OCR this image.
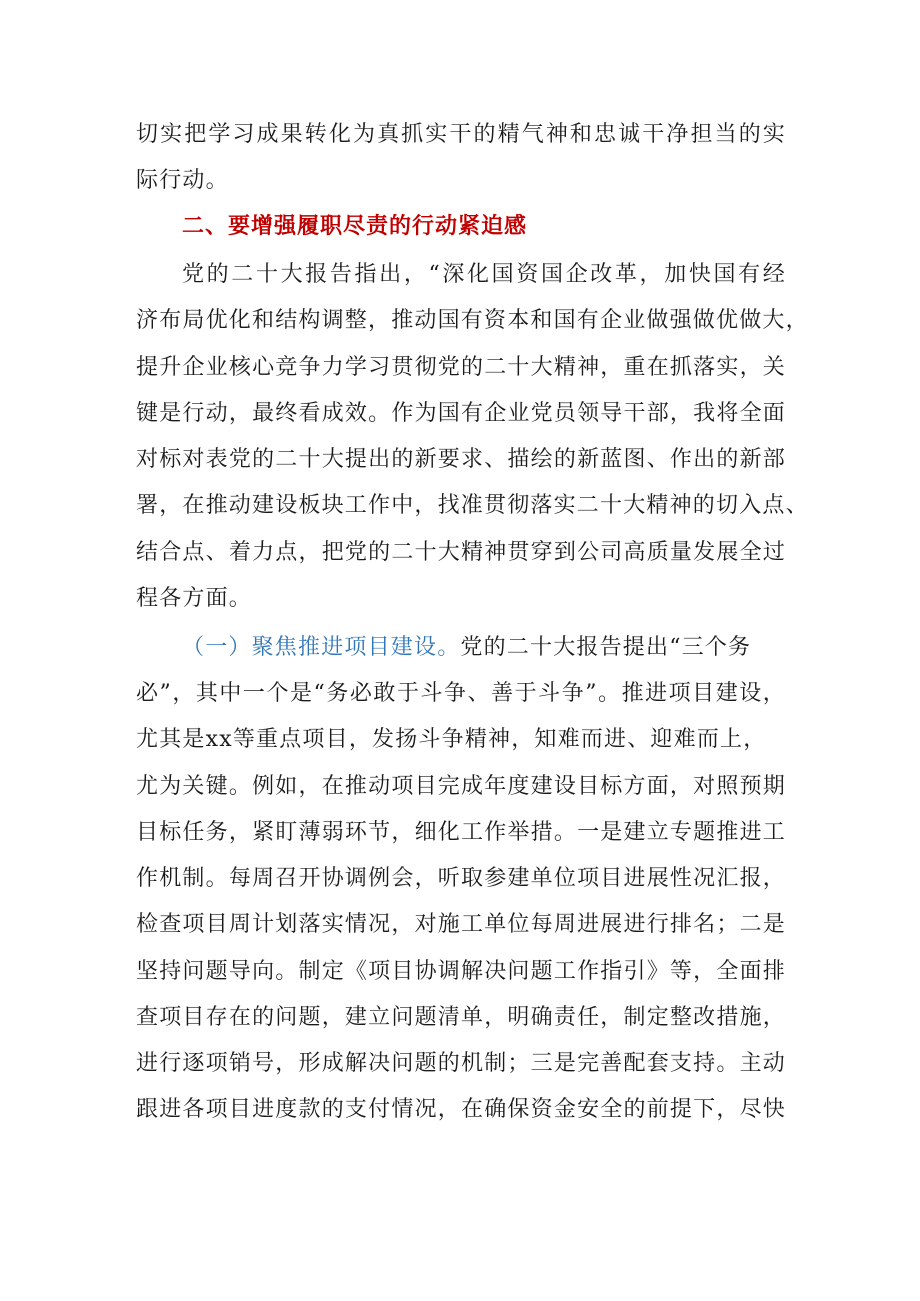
切实把学习成果转化为真抓实干的精气神和忠诚干净担当的实
际行动。
二、要增强履职尽责的行动紧迫感
党的二十大报告指出，“深化国资国企改革，加快国有经
济布局优化和结构调整，推动国有资本和国有企业做强做优做大，
提升企业核心竞争力学习贯彻党的二十大精神，重在抓落实，关
键是行动，最终看成效。作为国有企业党员领导干部，我将全面
对标对表党的二十大提出的新要求、描绘的新蓝图、作出的新部
署，在推动建设板块工作中，找准贯彻落实二十大精神的切入点、
结合点、着力点，把党的二十大精神贯穿到公司高质量发展全过
程各方面。
（一）聚焦推进项目建设。党的二十大报告提出“三个务
必”，其中一个是“务必敢于斗争、善于斗争”。推进项目建设，
尤其是xx等重点项目，发扬斗争精神，知难而进、迎难而上，
尤为关键。例如，在推动项目完成年度建设目标方面，对照预期
目标任务，紧盯薄弱环节，细化工作举措。一是建立专题推进工
作机制。每周召开协调例会，听取参建单位项目进展性况汇报，
检查项目周计划落实情况，对施工单位每周进展进行排名；二是
坚持问题导向。制定《项目协调解决问题工作指引》等，全面排
查项目存在的问题，建立问题清单，明确责任，制定整改措施，
进行逐项销号，形成解决问题的机制；三是完善配套支持。主动
跟进各项目进度款的支付情况，在确保资金安全的前提下，尽快
